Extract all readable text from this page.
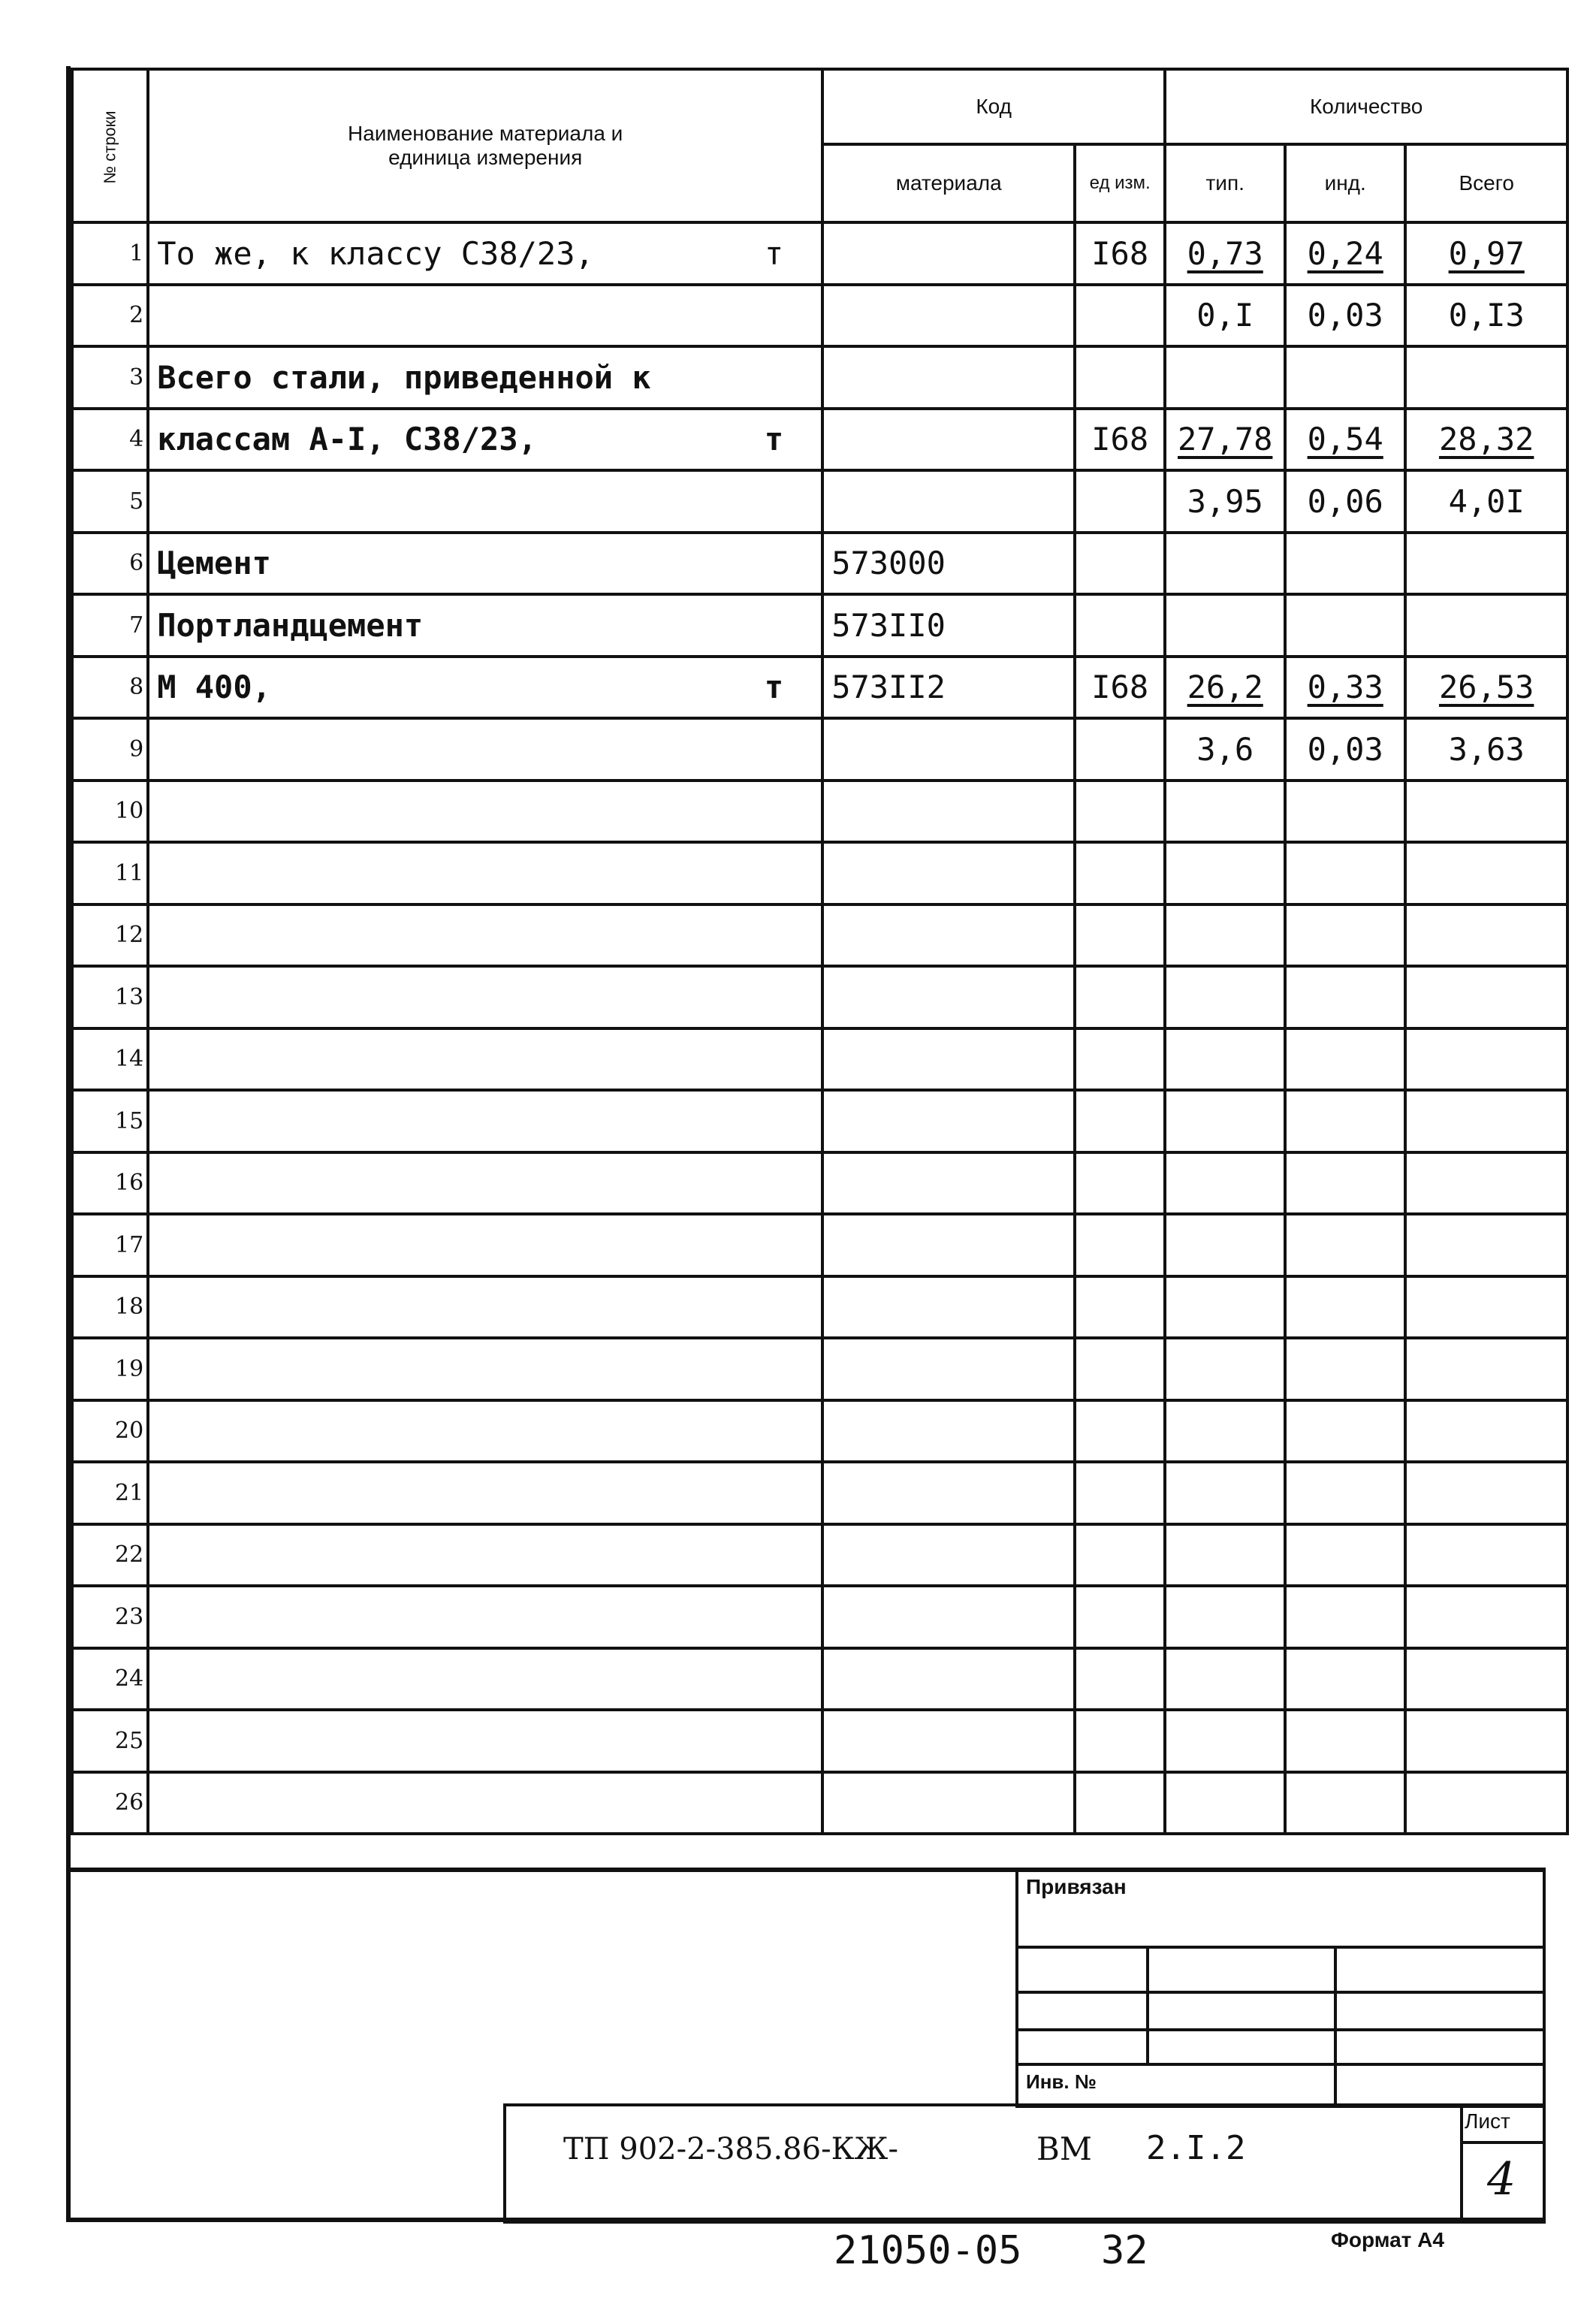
№ строки	Наименование материала и единица измерения	Код		Количество		
		материала	ед изм.	тип.	инд.	Всего
1	То же, к классу С38/23, т		I68	0,73	0,24	0,97
2				0,I	0,03	0,I3
3	Всего стали, приведенной к					

4	классам А-I, С38/23, т		I68	27,78	0,54	28,32
5				3,95	0,06	4,0I
6	Цемент	573000				
7	Портландцемент	573II0				
8	М 400, т	573II2	I68	26,2	0,33	26,53
9				3,6	0,03	3,63
10	

11	

12	

13	

14	

15	

16	

17	

18	

19	

20	

21	

22	

23	

24	

25	

26	

Привязан
Инв. №
ТП 902-2-385.86-КЖ-	ВМ 2.I.2
Лист
4
21050-05 32	Формат А4
